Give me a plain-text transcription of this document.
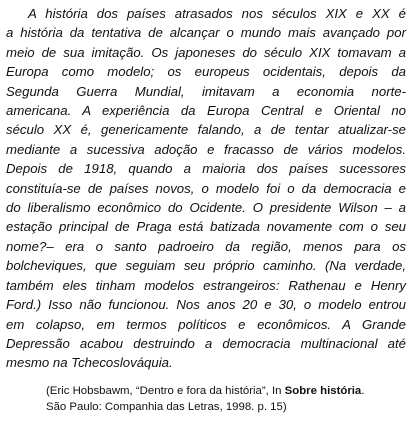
A história dos países atrasados nos séculos XIX e XX é
a história da tentativa de alcançar o mundo mais avançado por
meio de sua imitação. Os japoneses do século XIX tomavam a
Europa como modelo; os europeus ocidentais, depois da
Segunda Guerra Mundial, imitavam a economia norte-
americana. A experiência da Europa Central e Oriental no
século XX é, genericamente falando, a de tentar atualizar-se
mediante a sucessiva adoção e fracasso de vários modelos.
Depois de 1918, quando a maioria dos países sucessores
constituía-se de países novos, o modelo foi o da democracia e
do liberalismo econômico do Ocidente. O presidente Wilson – a
estação principal de Praga está batizada novamente com o seu
nome?– era o santo padroeiro da região, menos para os
bolcheviques, que seguiam seu próprio caminho. (Na verdade,
também eles tinham modelos estrangeiros: Rathenau e Henry
Ford.) Isso não funcionou. Nos anos 20 e 30, o modelo entrou
em colapso, em termos políticos e econômicos. A Grande
Depressão acabou destruindo a democracia multinacional até
mesmo na Tchecoslováquia.
(Eric Hobsbawm, “Dentro e fora da história”, In Sobre história.
São Paulo: Companhia das Letras, 1998. p. 15)
